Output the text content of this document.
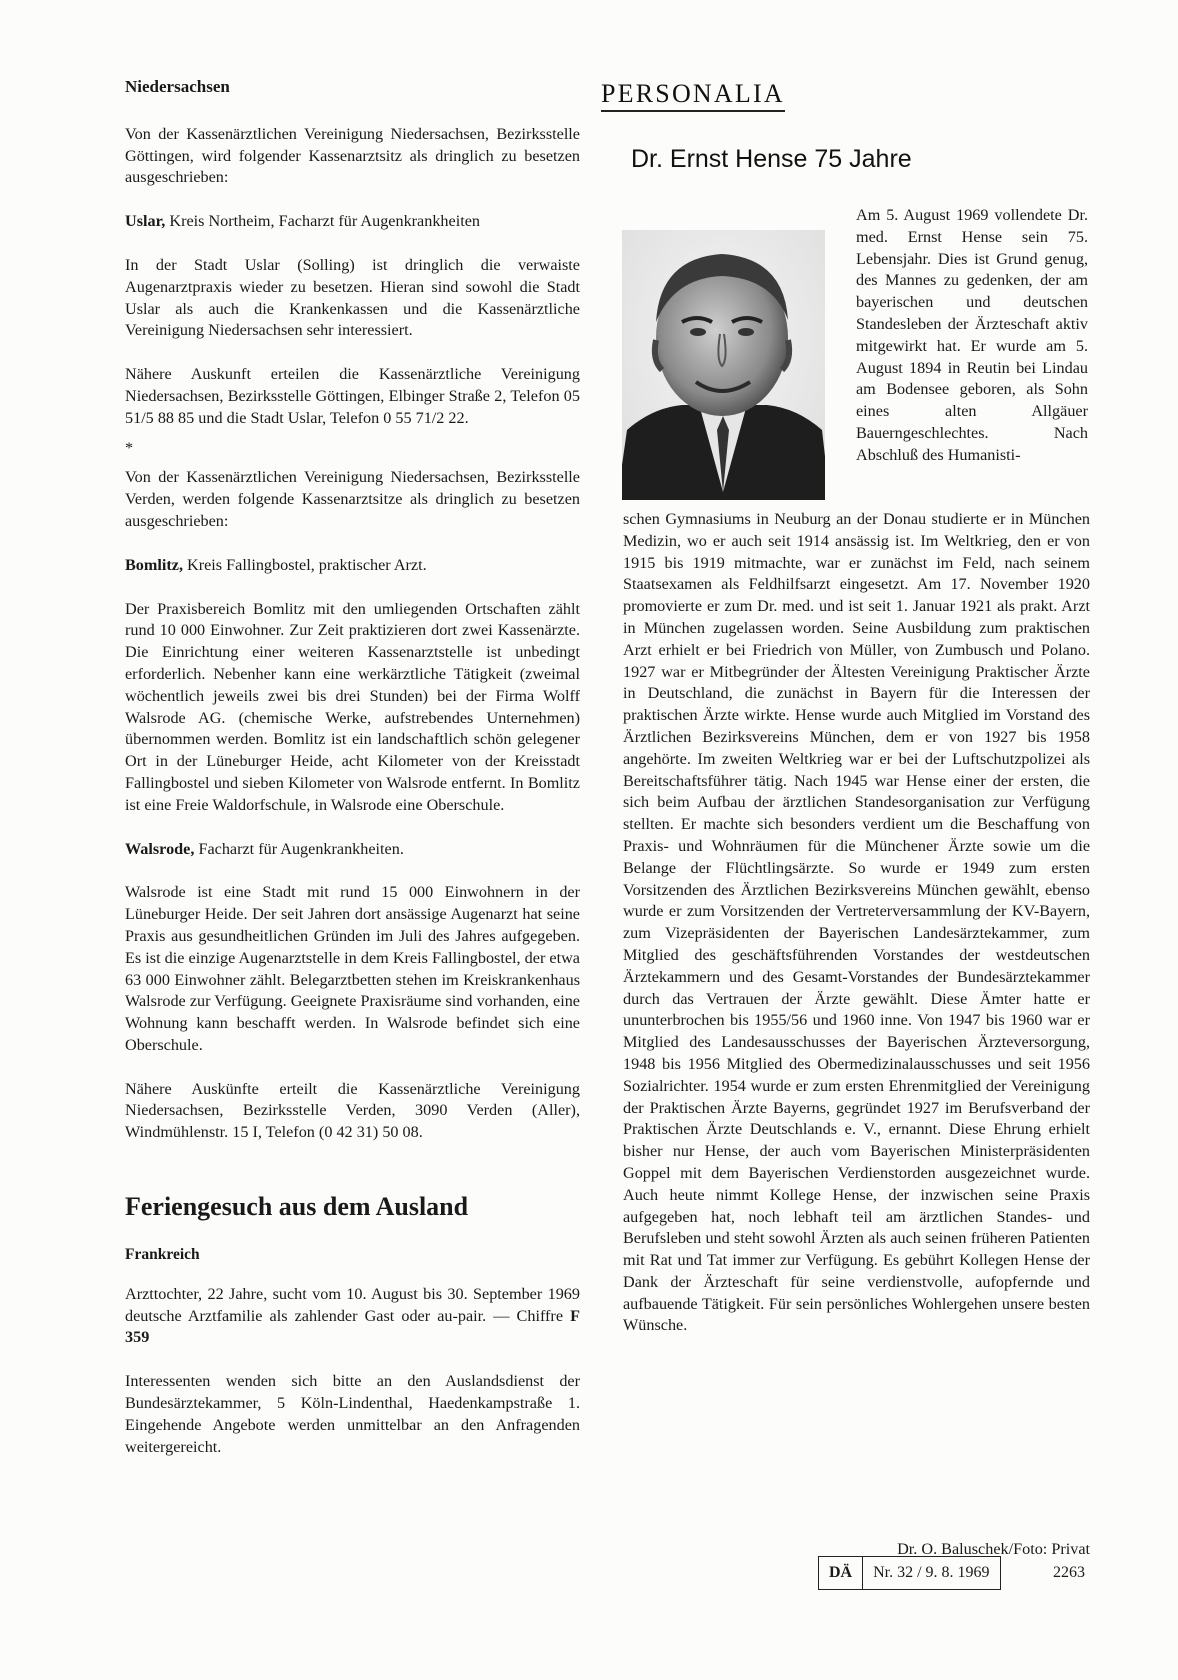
Niedersachsen

Von der Kassenärztlichen Vereinigung Niedersachsen, Bezirksstelle Göttingen, wird folgender Kassenarztsitz als dringlich zu besetzen ausgeschrieben:

Uslar, Kreis Northeim, Facharzt für Augenkrankheiten

In der Stadt Uslar (Solling) ist dringlich die verwaiste Augenarztpraxis wieder zu besetzen. Hieran sind sowohl die Stadt Uslar als auch die Krankenkassen und die Kassenärztliche Vereinigung Niedersachsen sehr interessiert.

Nähere Auskunft erteilen die Kassenärztliche Vereinigung Niedersachsen, Bezirksstelle Göttingen, Elbinger Straße 2, Telefon 05 51/5 88 85 und die Stadt Uslar, Telefon 0 55 71/2 22.

*

Von der Kassenärztlichen Vereinigung Niedersachsen, Bezirksstelle Verden, werden folgende Kassenarztsitze als dringlich zu besetzen ausgeschrieben:

Bomlitz, Kreis Fallingbostel, praktischer Arzt.

Der Praxisbereich Bomlitz mit den umliegenden Ortschaften zählt rund 10 000 Einwohner. Zur Zeit praktizieren dort zwei Kassenärzte. Die Einrichtung einer weiteren Kassenarztstelle ist unbedingt erforderlich. Nebenher kann eine werkärztliche Tätigkeit (zweimal wöchentlich jeweils zwei bis drei Stunden) bei der Firma Wolff Walsrode AG. (chemische Werke, aufstrebendes Unternehmen) übernommen werden. Bomlitz ist ein landschaftlich schön gelegener Ort in der Lüneburger Heide, acht Kilometer von der Kreisstadt Fallingbostel und sieben Kilometer von Walsrode entfernt. In Bomlitz ist eine Freie Waldorfschule, in Walsrode eine Oberschule.

Walsrode, Facharzt für Augenkrankheiten.

Walsrode ist eine Stadt mit rund 15 000 Einwohnern in der Lüneburger Heide. Der seit Jahren dort ansässige Augenarzt hat seine Praxis aus gesundheitlichen Gründen im Juli des Jahres aufgegeben. Es ist die einzige Augenarztstelle in dem Kreis Fallingbostel, der etwa 63 000 Einwohner zählt. Belegarztbetten stehen im Kreiskrankenhaus Walsrode zur Verfügung. Geeignete Praxisräume sind vorhanden, eine Wohnung kann beschafft werden. In Walsrode befindet sich eine Oberschule.

Nähere Auskünfte erteilt die Kassenärztliche Vereinigung Niedersachsen, Bezirksstelle Verden, 3090 Verden (Aller), Windmühlenstr. 15 I, Telefon (0 42 31) 50 08.

Feriengesuch aus dem Ausland

Frankreich

Arzttochter, 22 Jahre, sucht vom 10. August bis 30. September 1969 deutsche Arztfamilie als zahlender Gast oder au-pair. — Chiffre F 359

Interessenten wenden sich bitte an den Auslandsdienst der Bundesärztekammer, 5 Köln-Lindenthal, Haedenkampstraße 1. Eingehende Angebote werden unmittelbar an den Anfragenden weitergereicht.

PERSONALIA
Dr. Ernst Hense 75 Jahre

Am 5. August 1969 vollendete Dr. med. Ernst Hense sein 75. Lebensjahr. Dies ist Grund genug, des Mannes zu gedenken, der am bayerischen und deutschen Standesleben der Ärzteschaft aktiv mitgewirkt hat. Er wurde am 5. August 1894 in Reutin bei Lindau am Bodensee geboren, als Sohn eines alten Allgäuer Bauerngeschlechtes. Nach Abschluß des Humanisti-

schen Gymnasiums in Neuburg an der Donau studierte er in München Medizin, wo er auch seit 1914 ansässig ist. Im Weltkrieg, den er von 1915 bis 1919 mitmachte, war er zunächst im Feld, nach seinem Staatsexamen als Feldhilfsarzt eingesetzt. Am 17. November 1920 promovierte er zum Dr. med. und ist seit 1. Januar 1921 als prakt. Arzt in München zugelassen worden. Seine Ausbildung zum praktischen Arzt erhielt er bei Friedrich von Müller, von Zumbusch und Polano. 1927 war er Mitbegründer der Ältesten Vereinigung Praktischer Ärzte in Deutschland, die zunächst in Bayern für die Interessen der praktischen Ärzte wirkte. Hense wurde auch Mitglied im Vorstand des Ärztlichen Bezirksvereins München, dem er von 1927 bis 1958 angehörte. Im zweiten Weltkrieg war er bei der Luftschutzpolizei als Bereitschaftsführer tätig. Nach 1945 war Hense einer der ersten, die sich beim Aufbau der ärztlichen Standesorganisation zur Verfügung stellten. Er machte sich besonders verdient um die Beschaffung von Praxis- und Wohnräumen für die Münchener Ärzte sowie um die Belange der Flüchtlingsärzte. So wurde er 1949 zum ersten Vorsitzenden des Ärztlichen Bezirksvereins München gewählt, ebenso wurde er zum Vorsitzenden der Vertreterversammlung der KV-Bayern, zum Vizepräsidenten der Bayerischen Landesärztekammer, zum Mitglied des geschäftsführenden Vorstandes der westdeutschen Ärztekammern und des Gesamt-Vorstandes der Bundesärztekammer durch das Vertrauen der Ärzte gewählt. Diese Ämter hatte er ununterbrochen bis 1955/56 und 1960 inne. Von 1947 bis 1960 war er Mitglied des Landesausschusses der Bayerischen Ärzteversorgung, 1948 bis 1956 Mitglied des Obermedizinalausschusses und seit 1956 Sozialrichter. 1954 wurde er zum ersten Ehrenmitglied der Vereinigung der Praktischen Ärzte Bayerns, gegründet 1927 im Berufsverband der Praktischen Ärzte Deutschlands e. V., ernannt. Diese Ehrung erhielt bisher nur Hense, der auch vom Bayerischen Ministerpräsidenten Goppel mit dem Bayerischen Verdienstorden ausgezeichnet wurde. Auch heute nimmt Kollege Hense, der inzwischen seine Praxis aufgegeben hat, noch lebhaft teil am ärztlichen Standes- und Berufsleben und steht sowohl Ärzten als auch seinen früheren Patienten mit Rat und Tat immer zur Verfügung. Es gebührt Kollegen Hense der Dank der Ärzteschaft für seine verdienstvolle, aufopfernde und aufbauende Tätigkeit. Für sein persönliches Wohlergehen unsere besten Wünsche.

Dr. O. Baluschek/Foto: Privat
DÄ	Nr. 32 / 9. 8. 1969	2263
